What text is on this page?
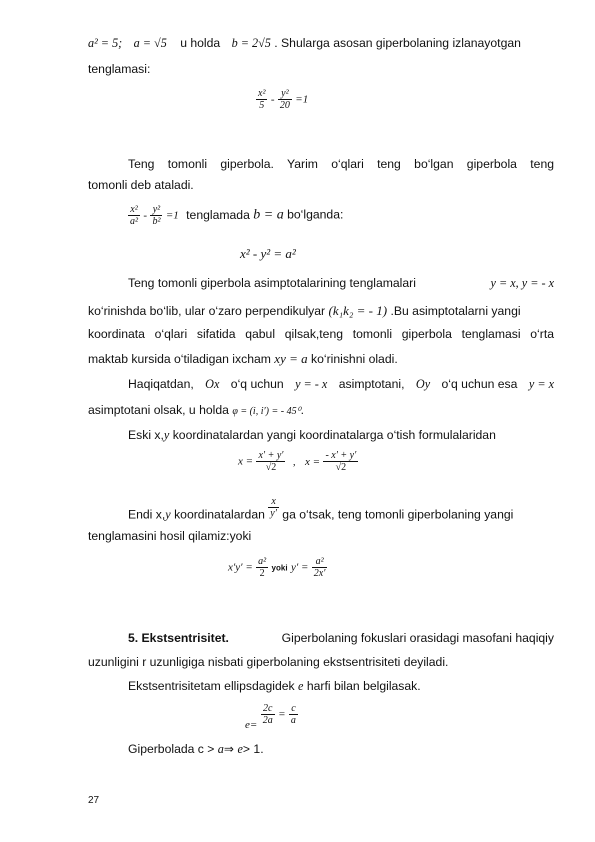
a² = 5; a = √5 u holda b = 2√5 . Shularga asosan giperbolaning izlanayotgan
tenglamasi:
$\frac{\text{x²}}{5} - \frac{\text{y²}}{20} =1$
Teng tomonli giperbola. Yarim o‘qlari teng bo‘lgan giperbola teng
tomonli deb ataladi.
$\frac{\text{x²}}{\text{a²}} - \frac{\text{y²}}{\text{b²}} =1$ tenglamada b = a bo‘lganda:
x² - y² = a²
Teng tomonli giperbola asimptotalarining tenglamalari	y = x, y = - x
ko‘rinishda bo‘lib, ular o‘zaro perpendikulyar (k₁k₂ = - 1) .Bu asimptotalarni yangi
koordinata o‘qlari sifatida qabul qilsak,teng tomonli giperbola tenglamasi o‘rta
maktab kursida o‘tiladigan ixcham xy = a ko‘rinishni oladi.
Haqiqatdan, Ox o‘q uchun y = - x asimptotani, Oy o‘q uchun esa y = x
asimptotani olsak, u holda φ = (i, i′) = - 45⁰.
Eski x,y koordinatalardan yangi koordinatalarga o‘tish formulalaridan
$x = \frac{x' + y'}{√2}$ , $x = \frac{- x' + y'}{√2}$
Endi x,y koordinatalardan $\frac{x}{y'}$ ga o‘tsak, teng tomonli giperbolaning yangi
tenglamasini hosil qilamiz:yoki
$x'y' = \frac{\text{a²}}{2}$ yoki $y' = \frac{\text{a²}}{2x'}$
5. Ekstsentrisitet.	Giperbolaning fokuslari orasidagi masofani haqiqiy
uzunligini r uzunligiga nisbati giperbolaning ekstsentrisiteti deyiladi.
Ekstsentrisitetam ellipsdagidek e harfi bilan belgilasak.
$e= \frac{2c}{2a} = \frac{c}{a}$
Giperbolada c > a⇒ e> 1.
27
